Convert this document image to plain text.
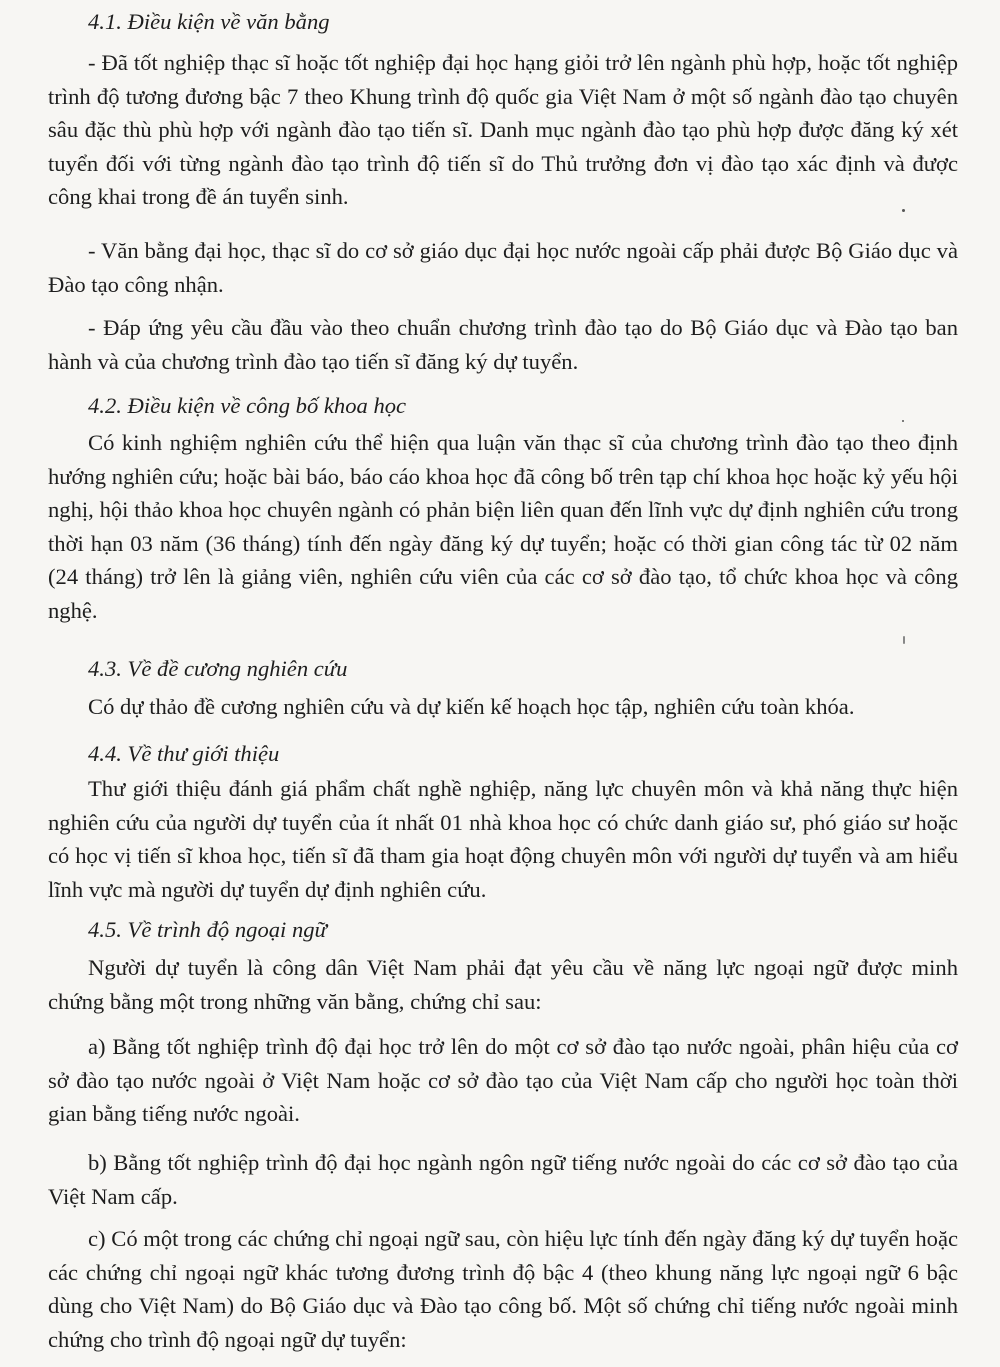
4.1. Điều kiện về văn bằng

- Đã tốt nghiệp thạc sĩ hoặc tốt nghiệp đại học hạng giỏi trở lên ngành phù hợp, hoặc tốt nghiệp trình độ tương đương bậc 7 theo Khung trình độ quốc gia Việt Nam ở một số ngành đào tạo chuyên sâu đặc thù phù hợp với ngành đào tạo tiến sĩ. Danh mục ngành đào tạo phù hợp được đăng ký xét tuyển đối với từng ngành đào tạo trình độ tiến sĩ do Thủ trưởng đơn vị đào tạo xác định và được công khai trong đề án tuyển sinh.

- Văn bằng đại học, thạc sĩ do cơ sở giáo dục đại học nước ngoài cấp phải được Bộ Giáo dục và Đào tạo công nhận.

- Đáp ứng yêu cầu đầu vào theo chuẩn chương trình đào tạo do Bộ Giáo dục và Đào tạo ban hành và của chương trình đào tạo tiến sĩ đăng ký dự tuyển.

4.2. Điều kiện về công bố khoa học

Có kinh nghiệm nghiên cứu thể hiện qua luận văn thạc sĩ của chương trình đào tạo theo định hướng nghiên cứu; hoặc bài báo, báo cáo khoa học đã công bố trên tạp chí khoa học hoặc kỷ yếu hội nghị, hội thảo khoa học chuyên ngành có phản biện liên quan đến lĩnh vực dự định nghiên cứu trong thời hạn 03 năm (36 tháng) tính đến ngày đăng ký dự tuyển; hoặc có thời gian công tác từ 02 năm (24 tháng) trở lên là giảng viên, nghiên cứu viên của các cơ sở đào tạo, tổ chức khoa học và công nghệ.

4.3. Về đề cương nghiên cứu

Có dự thảo đề cương nghiên cứu và dự kiến kế hoạch học tập, nghiên cứu toàn khóa.

4.4. Về thư giới thiệu

Thư giới thiệu đánh giá phẩm chất nghề nghiệp, năng lực chuyên môn và khả năng thực hiện nghiên cứu của người dự tuyển của ít nhất 01 nhà khoa học có chức danh giáo sư, phó giáo sư hoặc có học vị tiến sĩ khoa học, tiến sĩ đã tham gia hoạt động chuyên môn với người dự tuyển và am hiểu lĩnh vực mà người dự tuyển dự định nghiên cứu.

4.5. Về trình độ ngoại ngữ

Người dự tuyển là công dân Việt Nam phải đạt yêu cầu về năng lực ngoại ngữ được minh chứng bằng một trong những văn bằng, chứng chỉ sau:

a) Bằng tốt nghiệp trình độ đại học trở lên do một cơ sở đào tạo nước ngoài, phân hiệu của cơ sở đào tạo nước ngoài ở Việt Nam hoặc cơ sở đào tạo của Việt Nam cấp cho người học toàn thời gian bằng tiếng nước ngoài.

b) Bằng tốt nghiệp trình độ đại học ngành ngôn ngữ tiếng nước ngoài do các cơ sở đào tạo của Việt Nam cấp.

c) Có một trong các chứng chỉ ngoại ngữ sau, còn hiệu lực tính đến ngày đăng ký dự tuyển hoặc các chứng chỉ ngoại ngữ khác tương đương trình độ bậc 4 (theo khung năng lực ngoại ngữ 6 bậc dùng cho Việt Nam) do Bộ Giáo dục và Đào tạo công bố. Một số chứng chỉ tiếng nước ngoài minh chứng cho trình độ ngoại ngữ dự tuyển:
